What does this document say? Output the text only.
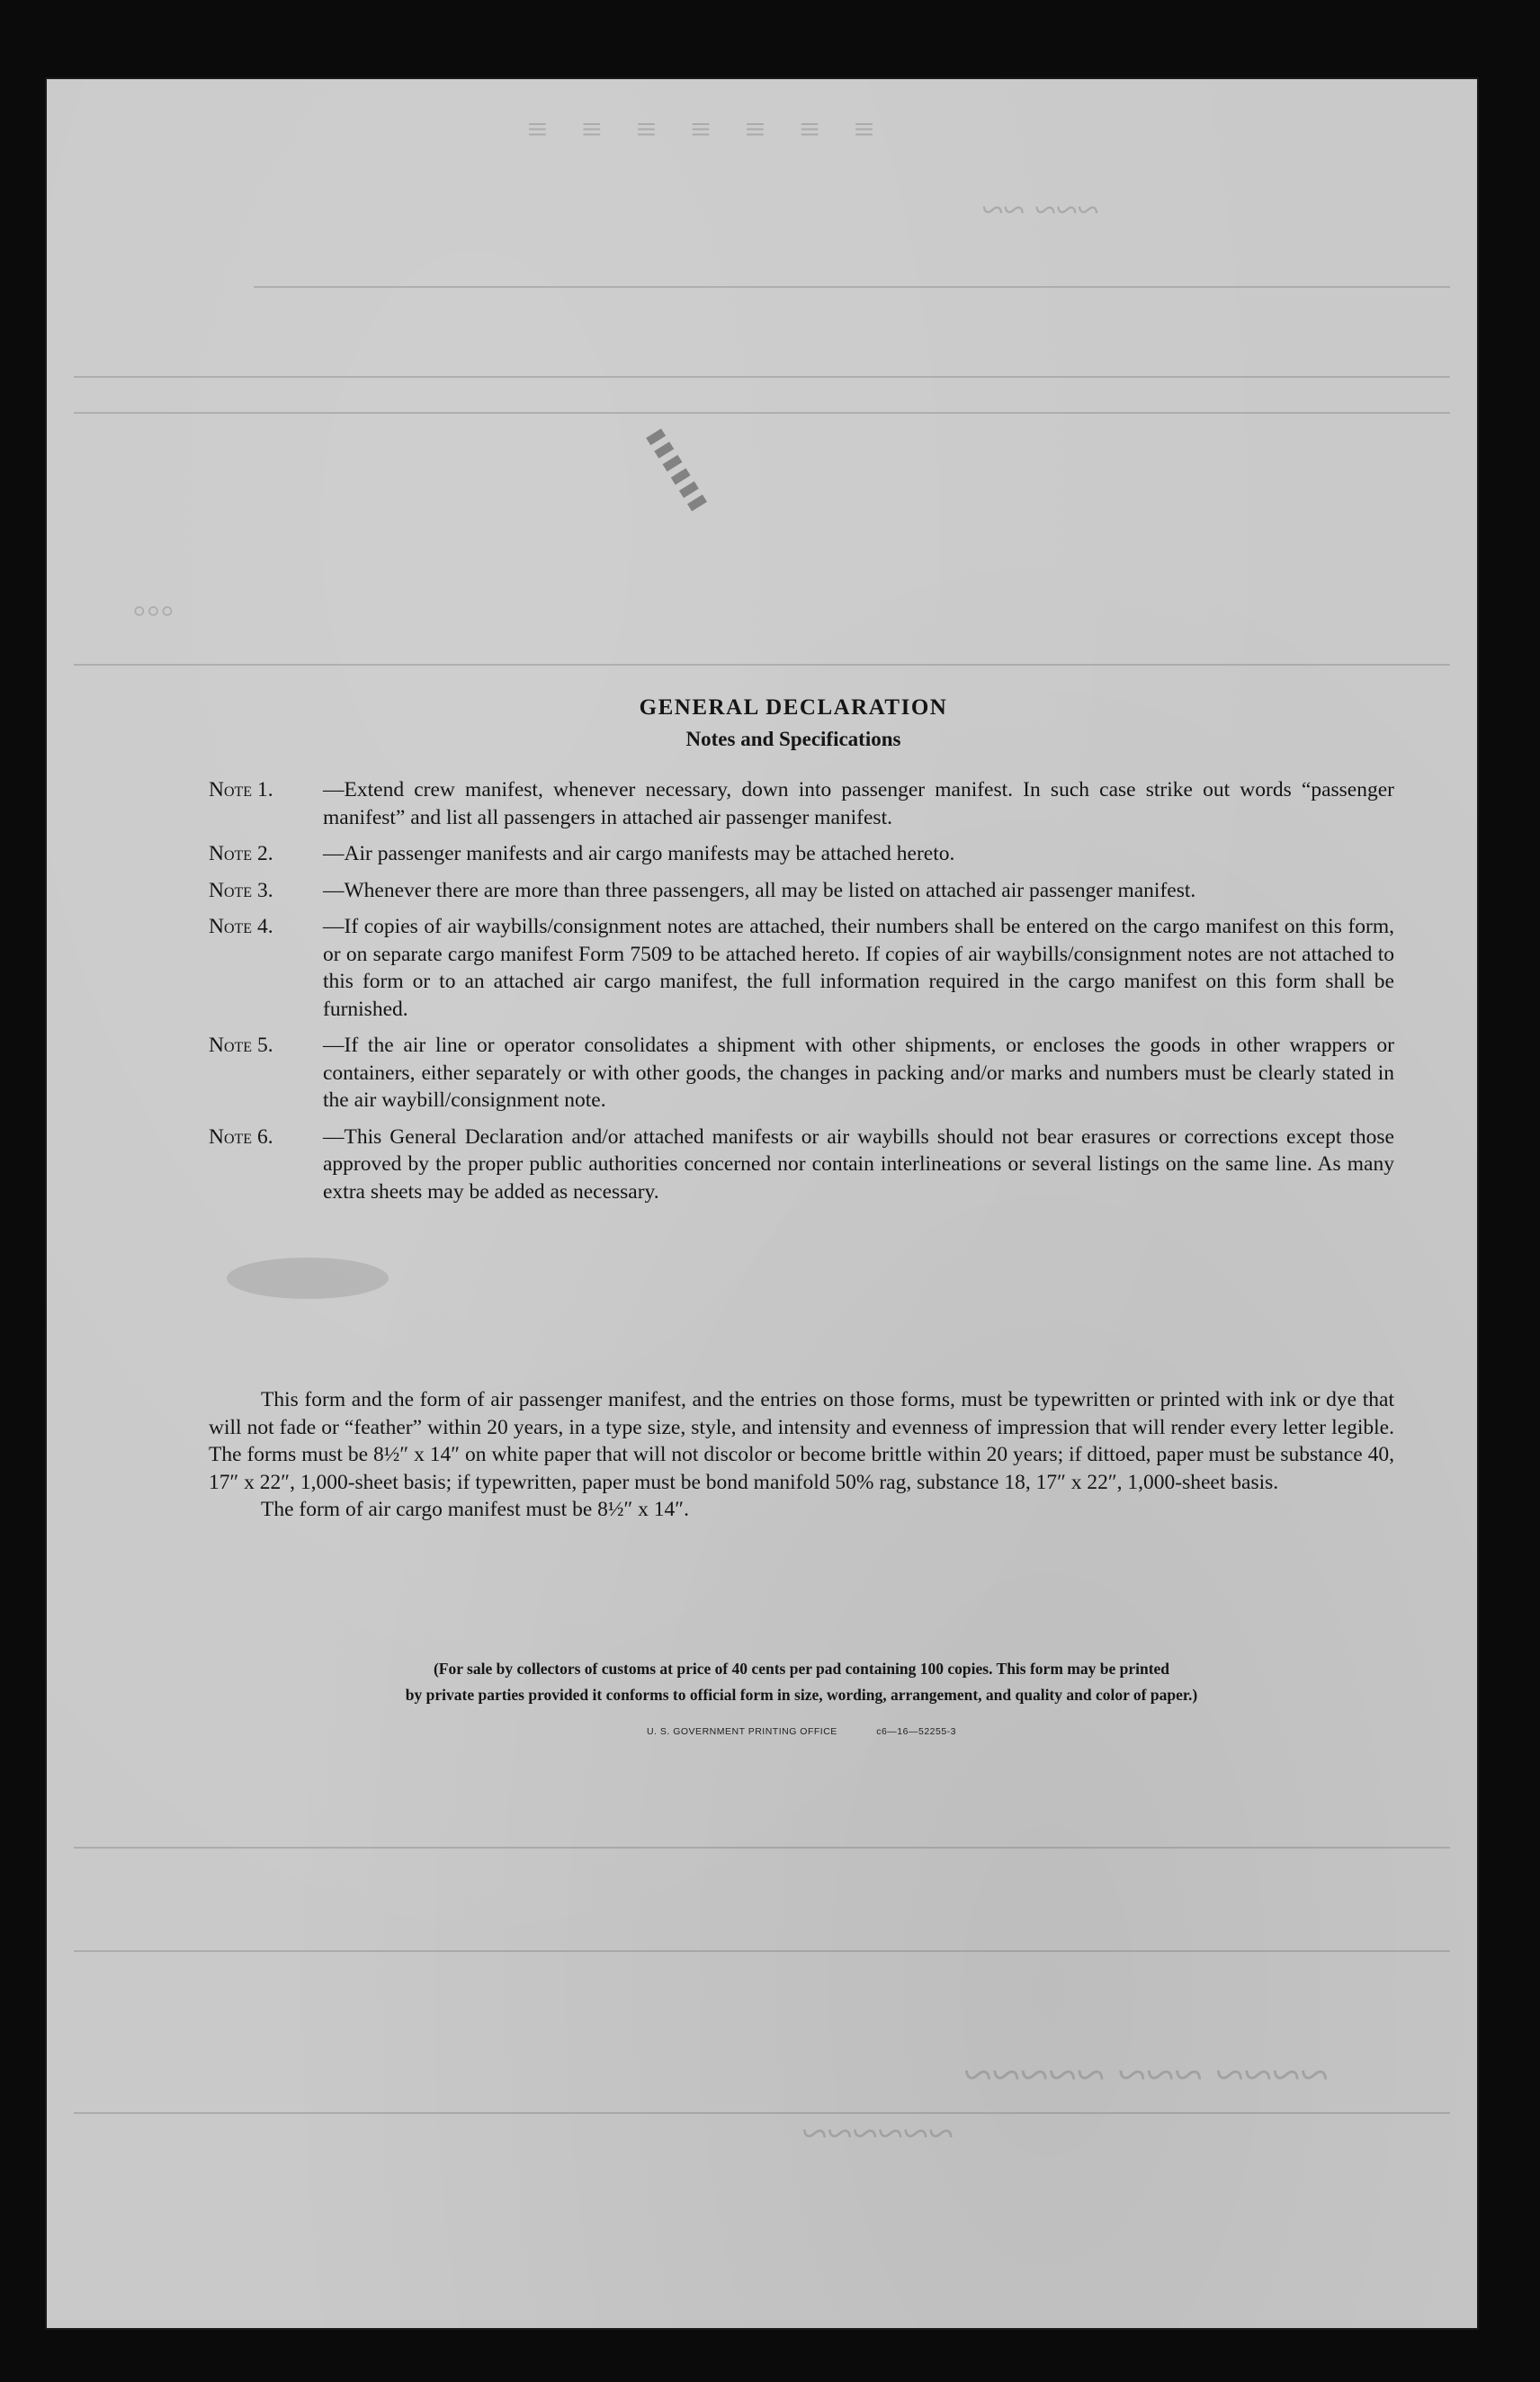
≡ ≡ ≡ ≡ ≡ ≡ ≡
◦◦◦
~~~ ~~
~~~~ ~~~ ~~~~~
~~~~~~
▮▮▮▮▮▮
GENERAL DECLARATION
Notes and Specifications
Note 1. —Extend crew manifest, whenever necessary, down into passenger manifest. In such case strike out words “passenger manifest” and list all passengers in attached air passenger manifest.
Note 2. —Air passenger manifests and air cargo manifests may be attached hereto.
Note 3. —Whenever there are more than three passengers, all may be listed on attached air passenger manifest.
Note 4. —If copies of air waybills/consignment notes are attached, their numbers shall be entered on the cargo manifest on this form, or on separate cargo manifest Form 7509 to be attached hereto. If copies of air waybills/consignment notes are not attached to this form or to an attached air cargo manifest, the full information required in the cargo manifest on this form shall be furnished.
Note 5. —If the air line or operator consolidates a shipment with other shipments, or encloses the goods in other wrappers or containers, either separately or with other goods, the changes in packing and/or marks and numbers must be clearly stated in the air waybill/consignment note.
Note 6. —This General Declaration and/or attached manifests or air waybills should not bear erasures or corrections except those approved by the proper public authorities concerned nor contain interlineations or several listings on the same line. As many extra sheets may be added as necessary.

This form and the form of air passenger manifest, and the entries on those forms, must be typewritten or printed with ink or dye that will not fade or “feather” within 20 years, in a type size, style, and intensity and evenness of impression that will render every letter legible. The forms must be 8½″ x 14″ on white paper that will not discolor or become brittle within 20 years; if dittoed, paper must be substance 40, 17″ x 22″, 1,000-sheet basis; if typewritten, paper must be bond manifold 50% rag, substance 18, 17″ x 22″, 1,000-sheet basis.

The form of air cargo manifest must be 8½″ x 14″.

(For sale by collectors of customs at price of 40 cents per pad containing 100 copies. This form may be printed
by private parties provided it conforms to official form in size, wording, arrangement, and quality and color of paper.)
U. S. GOVERNMENT PRINTING OFFICE	c6—16—52255-3
